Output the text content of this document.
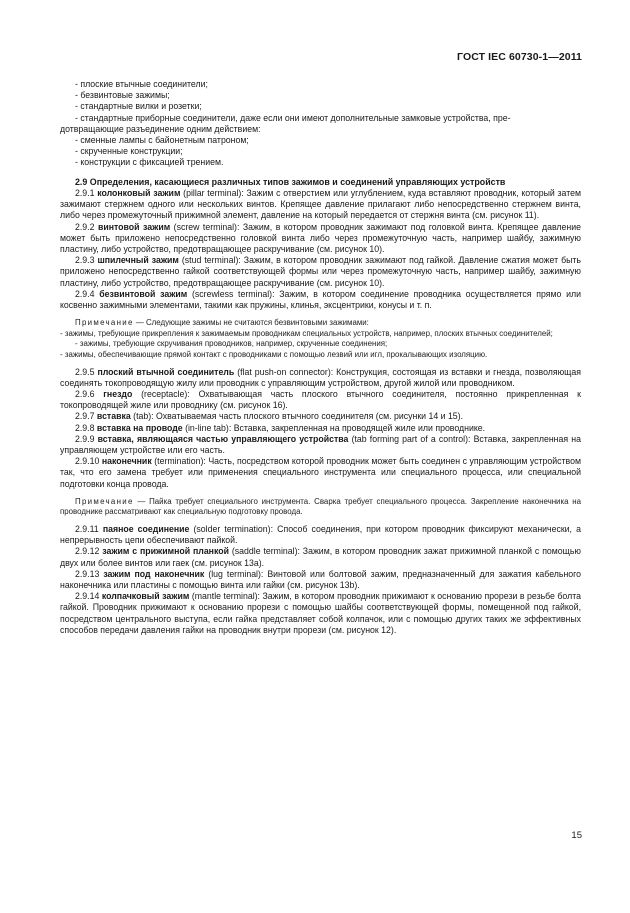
ГОСТ IEC 60730-1—2011

- плоские втычные соединители;

- безвинтовые зажимы;

- стандартные вилки и розетки;

- стандартные приборные соединители, даже если они имеют дополнительные замковые устройства, пре-

дотвращающие разъединение одним действием:

- сменные лампы с байонетным патроном;

- скрученные конструкции;

- конструкции с фиксацией трением.

2.9 Определения, касающиеся различных типов зажимов и соединений управляющих устройств

2.9.1 колонковый зажим (pillar terminal): Зажим с отверстием или углублением, куда вставляют проводник, который затем зажимают стержнем одного или нескольких винтов. Крепящее давление прилагают либо непосредственно стержнем винта, либо через промежуточный прижимной элемент, давление на который передается от стержня винта (см. рисунок 11).

2.9.2 винтовой зажим (screw terminal): Зажим, в котором проводник зажимают под головкой винта. Крепящее давление может быть приложено непосредственно головкой винта либо через промежуточную часть, например шайбу, зажимную пластину, либо устройство, предотвращающее раскручивание (см. рисунок 10).

2.9.3 шпилечный зажим (stud terminal): Зажим, в котором проводник зажимают под гайкой. Давление сжатия может быть приложено непосредственно гайкой соответствующей формы или через промежуточную часть, например шайбу, зажимную пластину, либо устройство, предотвращающее раскручивание (см. рисунок 10).

2.9.4 безвинтовой зажим (screwless terminal): Зажим, в котором соединение проводника осуществляется прямо или косвенно зажимными элементами, такими как пружины, клинья, эксцентрики, конусы и т. п.

Примечание — Следующие зажимы не считаются безвинтовыми зажимами:

- зажимы, требующие прикрепления к зажимаемым проводникам специальных устройств, например, плоских втычных соединителей;

- зажимы, требующие скручивания проводников, например, скрученные соединения;

- зажимы, обеспечивающие прямой контакт с проводниками с помощью лезвий или игл, прокалывающих изоляцию.

2.9.5 плоский втычной соединитель (flat push-on connector): Конструкция, состоящая из вставки и гнезда, позволяющая соединять токопроводящую жилу или проводник с управляющим устройством, другой жилой или проводником.

2.9.6 гнездо (receptacle): Охватывающая часть плоского втычного соединителя, постоянно прикрепленная к токопроводящей жиле или проводнику (см. рисунок 16).

2.9.7 вставка (tab): Охватываемая часть плоского втычного соединителя (см. рисунки 14 и 15).

2.9.8 вставка на проводе (in-line tab): Вставка, закрепленная на проводящей жиле или проводнике.

2.9.9 вставка, являющаяся частью управляющего устройства (tab forming part of a control): Вставка, закрепленная на управляющем устройстве или его часть.

2.9.10 наконечник (termination): Часть, посредством которой проводник может быть соединен с управляющим устройством так, что его замена требует или применения специального инструмента или специального процесса, или специальной подготовки конца провода.

Примечание — Пайка требует специального инструмента. Сварка требует специального процесса. Закрепление наконечника на проводнике рассматривают как специальную подготовку провода.

2.9.11 паяное соединение (solder termination): Способ соединения, при котором проводник фиксируют механически, а непрерывность цепи обеспечивают пайкой.

2.9.12 зажим с прижимной планкой (saddle terminal): Зажим, в котором проводник зажат прижимной планкой с помощью двух или более винтов или гаек (см. рисунок 13а).

2.9.13 зажим под наконечник (lug terminal): Винтовой или болтовой зажим, предназначенный для зажатия кабельного наконечника или пластины с помощью винта или гайки (см. рисунок 13b).

2.9.14 колпачковый зажим (mantle terminal): Зажим, в котором проводник прижимают к основанию прорези в резьбе болта гайкой. Проводник прижимают к основанию прорези с помощью шайбы соответствующей формы, помещенной под гайкой, посредством центрального выступа, если гайка представляет собой колпачок, или с помощью других таких же эффективных способов передачи давления гайки на проводник внутри прорези (см. рисунок 12).

15
